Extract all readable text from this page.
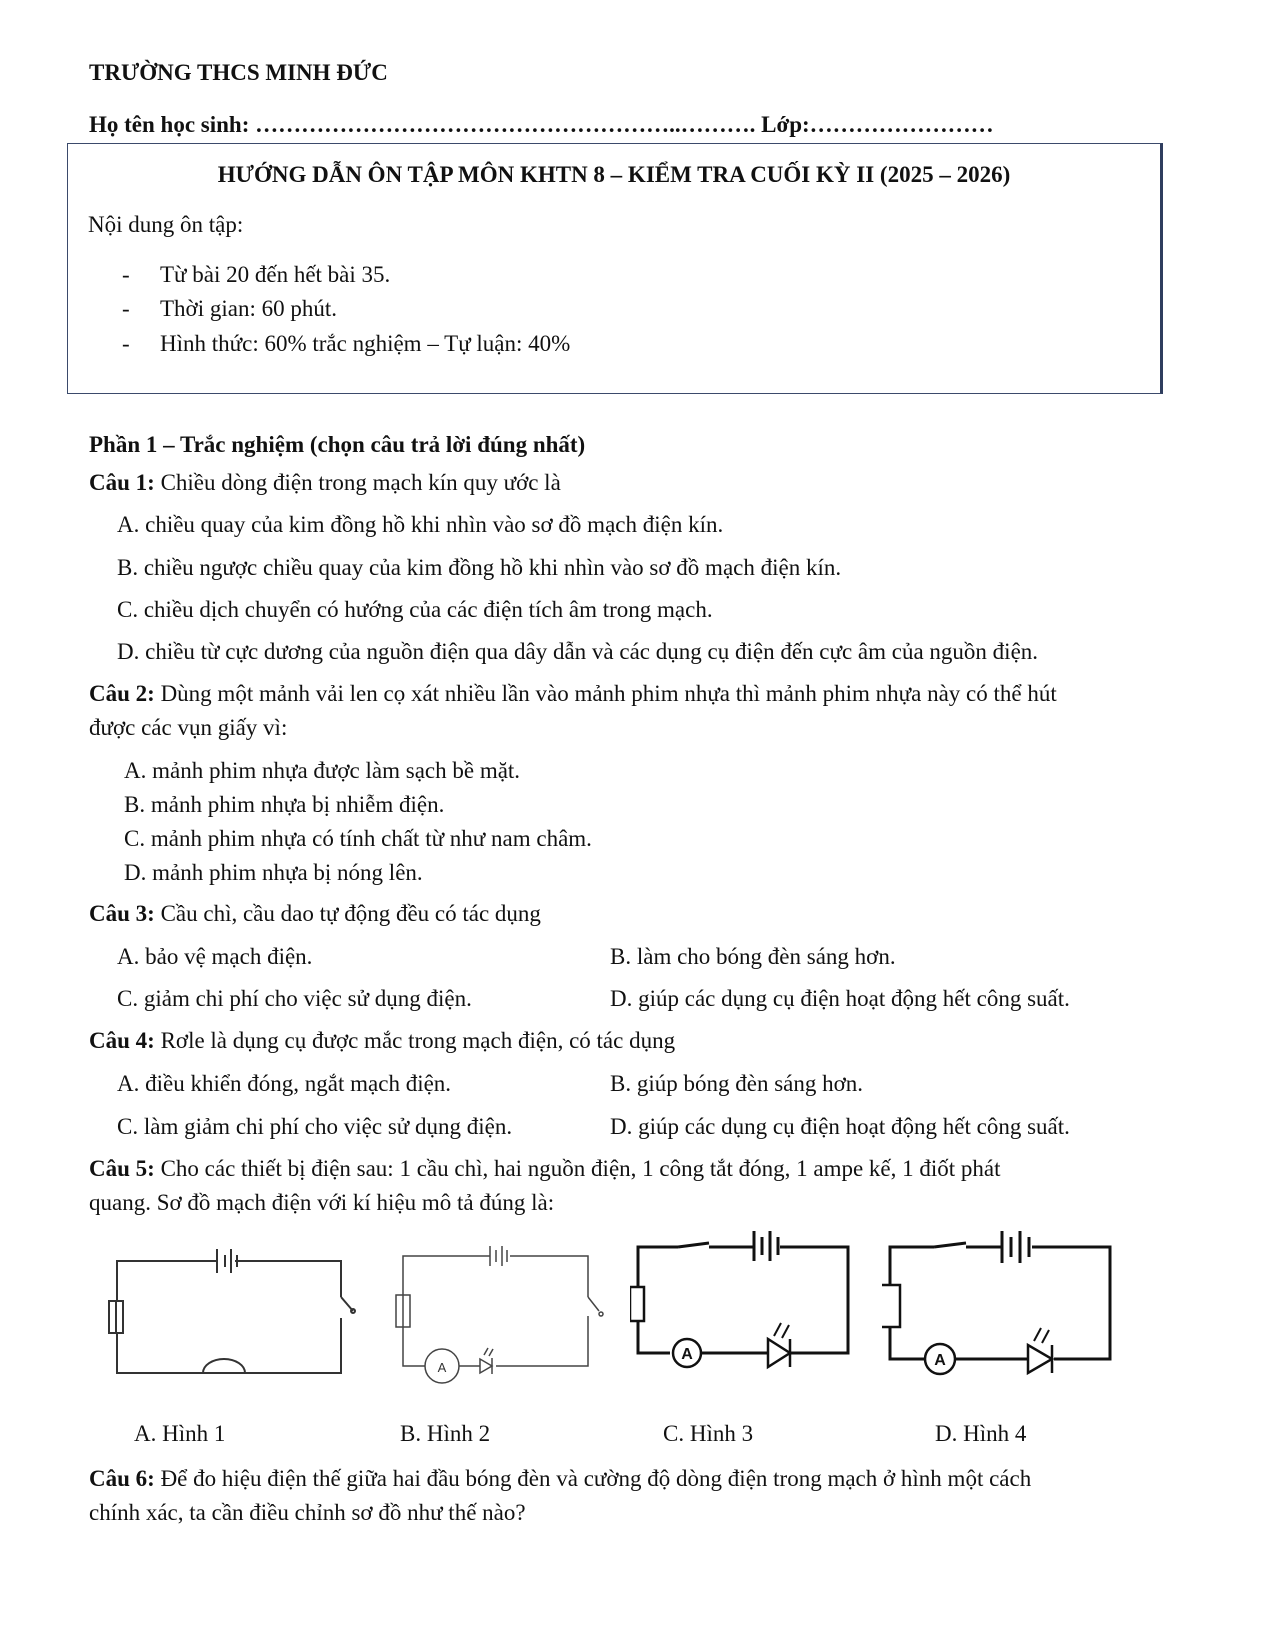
TRƯỜNG THCS MINH ĐỨC
Họ tên học sinh: ………………………………………………..………. Lớp:……………………
HƯỚNG DẪN ÔN TẬP MÔN KHTN 8 – KIỂM TRA CUỐI KỲ II (2025 – 2026)
Nội dung ôn tập:
- Từ bài 20 đến hết bài 35.
- Thời gian: 60 phút.
- Hình thức: 60% trắc nghiệm – Tự luận: 40%
Phần 1 – Trắc nghiệm (chọn câu trả lời đúng nhất)
Câu 1: Chiều dòng điện trong mạch kín quy ước là
A. chiều quay của kim đồng hồ khi nhìn vào sơ đồ mạch điện kín.
B. chiều ngược chiều quay của kim đồng hồ khi nhìn vào sơ đồ mạch điện kín.
C. chiều dịch chuyển có hướng của các điện tích âm trong mạch.
D. chiều từ cực dương của nguồn điện qua dây dẫn và các dụng cụ điện đến cực âm của nguồn điện.
Câu 2: Dùng một mảnh vải len cọ xát nhiều lần vào mảnh phim nhựa thì mảnh phim nhựa này có thể hút
được các vụn giấy vì:
A. mảnh phim nhựa được làm sạch bề mặt.
B. mảnh phim nhựa bị nhiễm điện.
C. mảnh phim nhựa có tính chất từ như nam châm.
D. mảnh phim nhựa bị nóng lên.
Câu 3: Cầu chì, cầu dao tự động đều có tác dụng
A. bảo vệ mạch điện.	B. làm cho bóng đèn sáng hơn.
C. giảm chi phí cho việc sử dụng điện.	D. giúp các dụng cụ điện hoạt động hết công suất.
Câu 4: Rơle là dụng cụ được mắc trong mạch điện, có tác dụng
A. điều khiển đóng, ngắt mạch điện.	B. giúp bóng đèn sáng hơn.
C. làm giảm chi phí cho việc sử dụng điện.	D. giúp các dụng cụ điện hoạt động hết công suất.
Câu 5: Cho các thiết bị điện sau: 1 cầu chì, hai nguồn điện, 1 công tắt đóng, 1 ampe kế, 1 điốt phát
quang. Sơ đồ mạch điện với kí hiệu mô tả đúng là:
A
A	A
A. Hình 1	B. Hình 2	C. Hình 3	D. Hình 4
Câu 6: Để đo hiệu điện thế giữa hai đầu bóng đèn và cường độ dòng điện trong mạch ở hình một cách
chính xác, ta cần điều chỉnh sơ đồ như thế nào?
